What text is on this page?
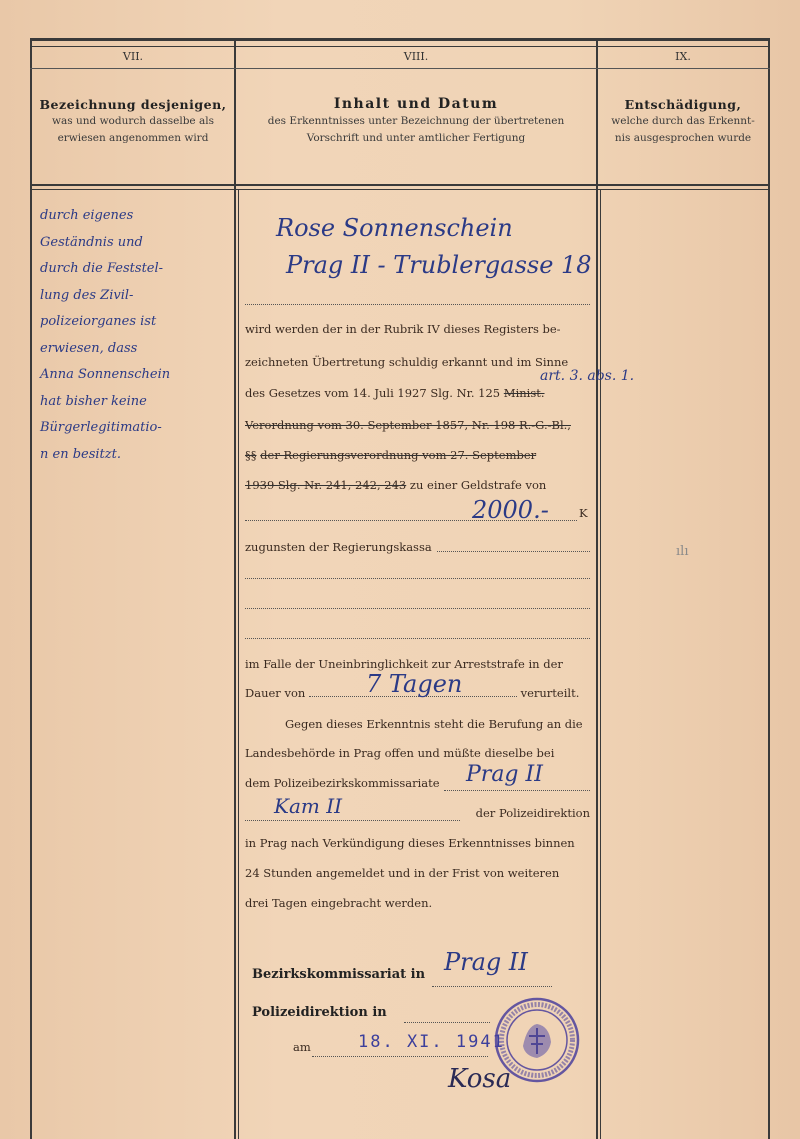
VII.	VIII.	IX.
Bezeichnung desjenigen,
was und wodurch dasselbe als
erwiesen angenommen wird
Inhalt und Datum
des Erkenntnisses unter Bezeichnung der übertretenen
Vorschrift und unter amtlicher Fertigung
Entschädigung,
welche durch das Erkennt-
nis ausgesprochen wurde
durch eigenes
Geständnis und
durch die Feststel-
lung des Zivil-
polizeiorganes ist
erwiesen, dass
Anna Sonnenschein
hat bisher keine
Bürgerlegitimatio-
n en besitzt.
Rose Sonnenschein
Prag II - Trublergasse 18
wird werden der in der Rubrik IV dieses Registers be-
zeichneten Übertretung schuldig erkannt und im Sinne
des Gesetzes vom 14. Juli 1927 Slg. Nr. 125 Minist.
art. 3. abs. 1.
Verordnung vom 30. September 1857, Nr. 198 R.-G.-Bl.,
§§ der Regierungsverordnung vom 27. September
1939 Slg. Nr. 241, 242, 243 zu einer Geldstrafe von
2000.-	K
zugunsten der Regierungskassa
im Falle der Uneinbringlichkeit zur Arreststrafe in der
Dauer von	verurteilt.
7 Tagen
Gegen dieses Erkenntnis steht die Berufung an die
Landesbehörde in Prag offen und müßte dieselbe bei
dem Polizeibezirkskommissariate	Prag II
Kam II	der Polizeidirektion
in Prag nach Verkündigung dieses Erkenntnisses binnen
24 Stunden angemeldet und in der Frist von weiteren
drei Tagen eingebracht werden.
Bezirkskommissariat in Prag II
Polizeidirektion in
am	18. XI. 1941
Kosa
ılı
